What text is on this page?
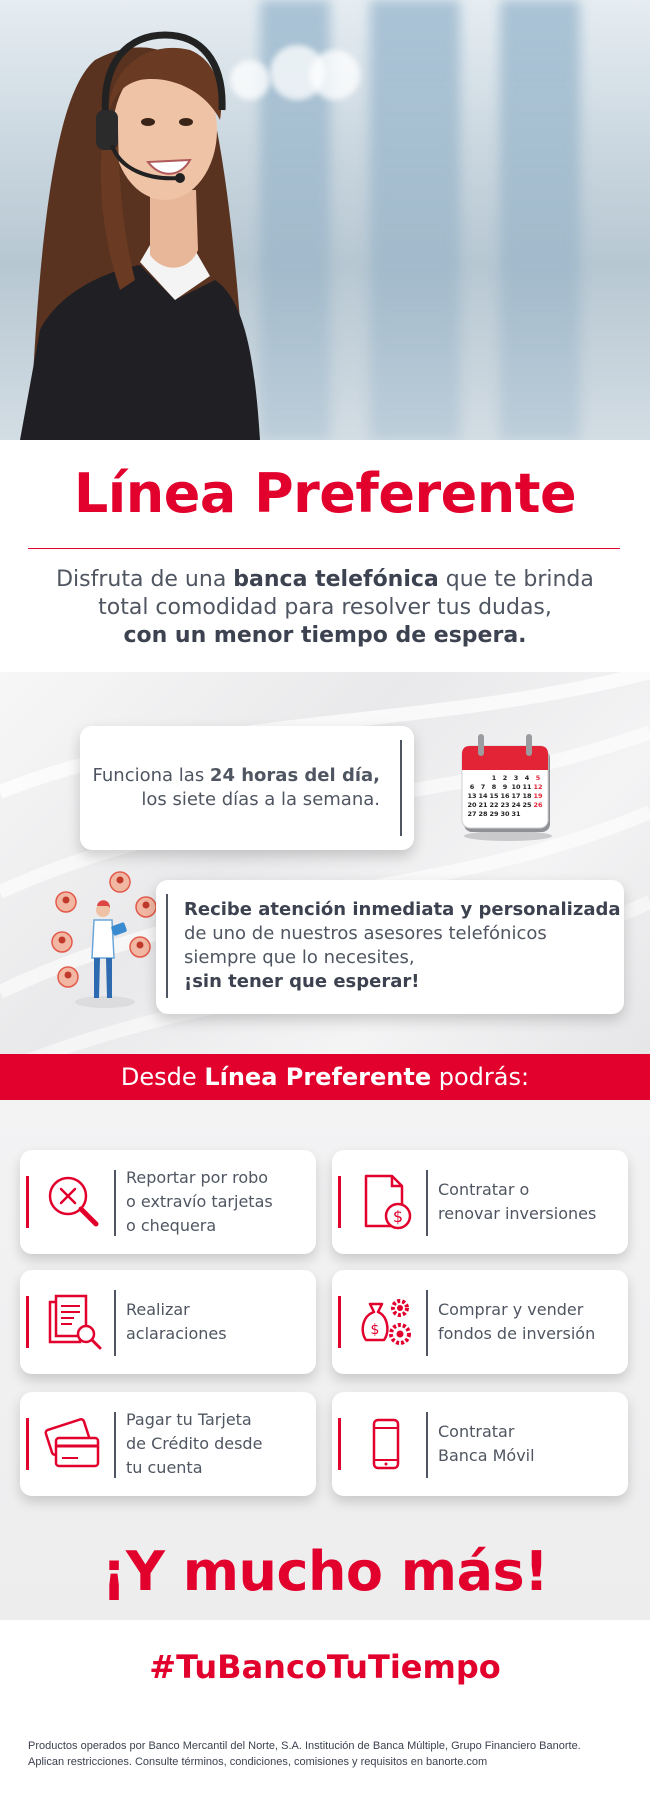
Línea Preferente
Disfruta de una banca telefónica que te brinda total comodidad para resolver tus dudas,
con un menor tiempo de espera.
Funciona las 24 horas del día,
los siete días a la semana.
1 2 3 4 5
6 7 8 9 10 11 12
13 14 15 16 17 18 19
20 21 22 23 24 25 26
27 28 29 30 31
Recibe atención inmediata y personalizada
de uno de nuestros asesores telefónicos
siempre que lo necesites,
¡sin tener que esperar!
Desde Línea Preferente podrás:
Reportar por robo
o extravío tarjetas
o chequera	$
Contratar o
renovar inversiones
Realizar
aclaraciones	$
Comprar y vender
fondos de inversión
Pagar tu Tarjeta
de Crédito desde
tu cuenta
Contratar
Banca Móvil
¡Y mucho más!
#TuBancoTuTiempo
Productos operados por Banco Mercantil del Norte, S.A. Institución de Banca Múltiple, Grupo Financiero Banorte.
Aplican restricciones. Consulte términos, condiciones, comisiones y requisitos en banorte.com
